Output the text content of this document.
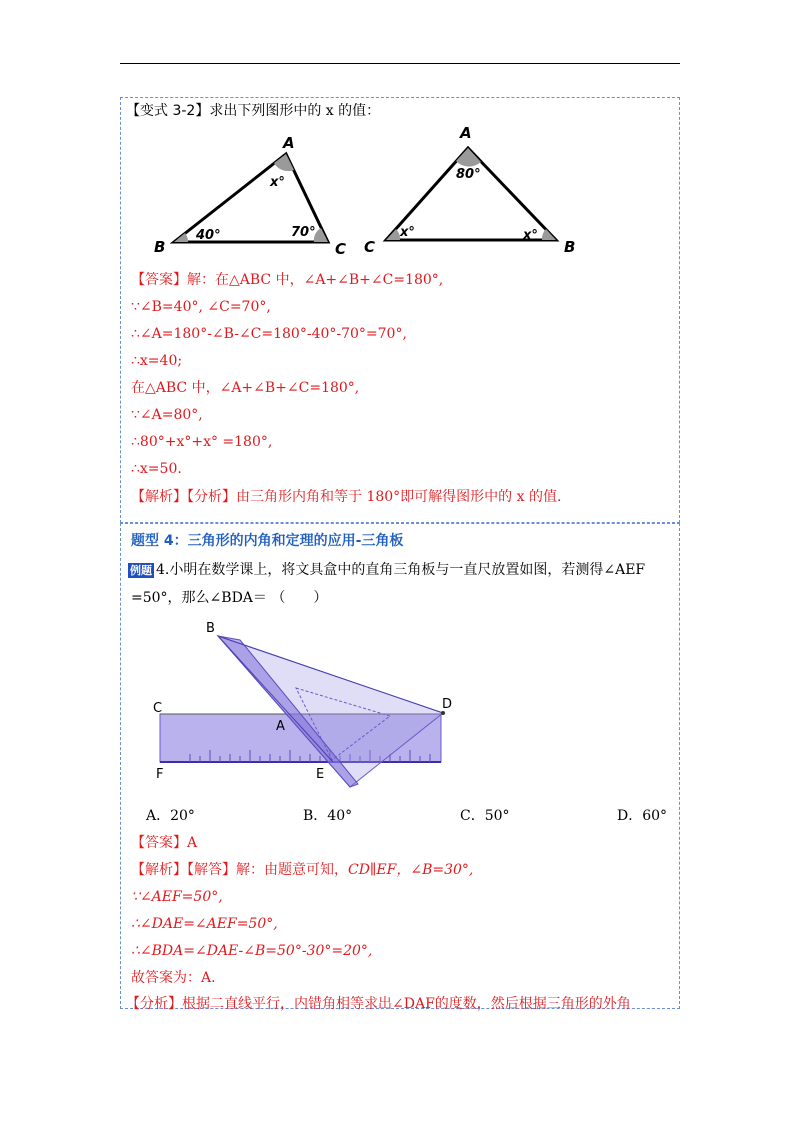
【变式 3-2】求出下列图形中的 x 的值：
A
B	C
x°
40°	70°
A
C	B
80°
x°	x°
【答案】解：在△ABC 中，∠A+∠B+∠C=180°,
∵∠B=40°, ∠C=70°,
∴∠A=180°-∠B-∠C=180°-40°-70°=70°,
∴x=40;
在△ABC 中，∠A+∠B+∠C=180°,
∵∠A=80°,
∴80°+x°+x° =180°,
∴x=50.
【解析】【分析】由三角形内角和等于 180°即可解得图形中的 x 的值.
题型 4：三角形的内角和定理的应用-三角板
例题 4.小明在数学课上，将文具盒中的直角三角板与一直尺放置如图，若测得∠AEF
=50°，那么∠BDA＝ （　　）
B
C
A
D
F	E
A．20°	B．40°	C．50°	D．60°
【答案】A
【解析】【解答】解：由题意可知，CD∥EF，∠B=30°,
∵∠AEF=50°,
∴∠DAE=∠AEF=50°,
∴∠BDA=∠DAE-∠B=50°-30°=20°,
故答案为：A.
【分析】根据二直线平行，内错角相等求出∠DAF的度数，然后根据三角形的外角
